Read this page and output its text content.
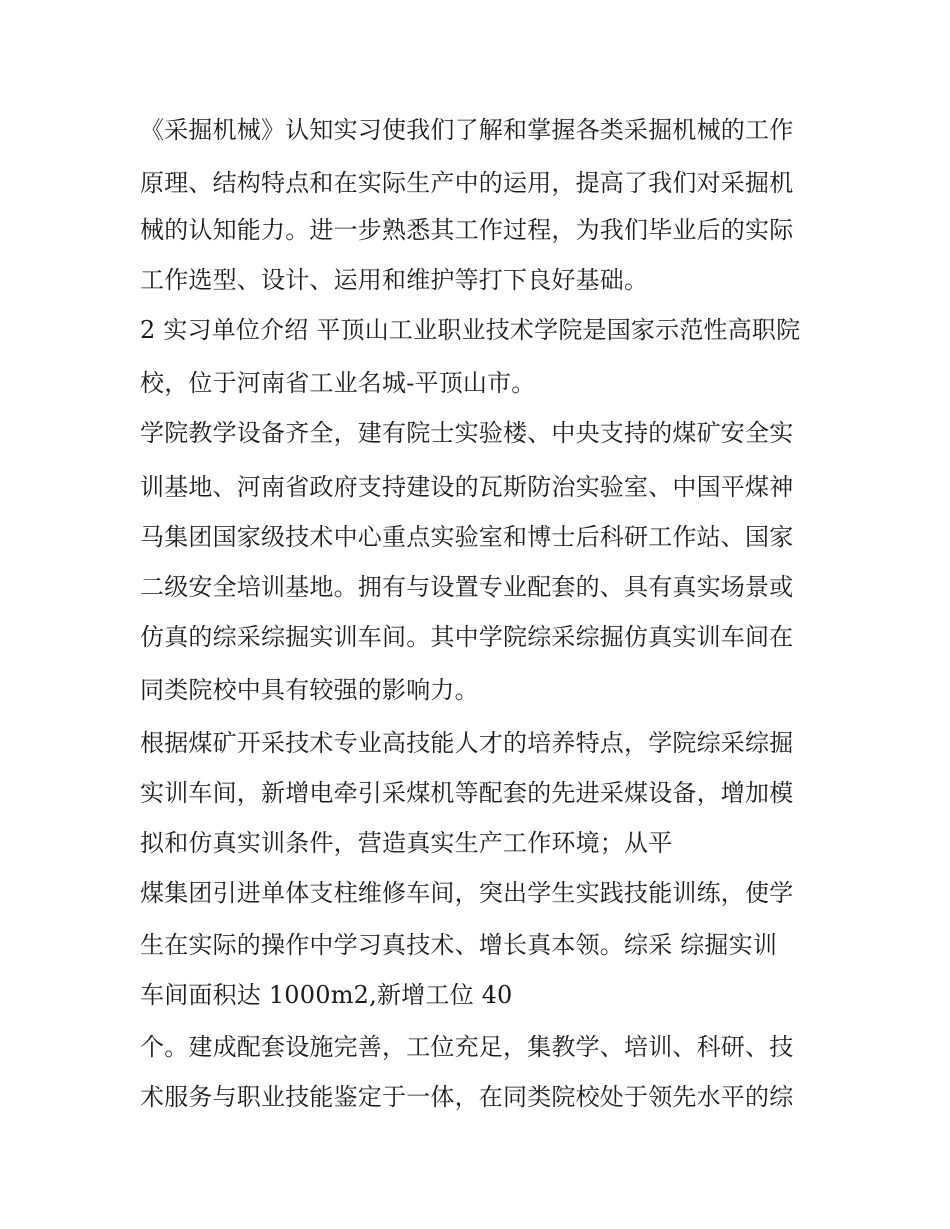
《采掘机械》认知实习使我们了解和掌握各类采掘机械的工作
原理、结构特点和在实际生产中的运用，提高了我们对采掘机
械的认知能力。进一步熟悉其工作过程，为我们毕业后的实际
工作选型、设计、运用和维护等打下良好基础。
2 实习单位介绍 平顶山工业职业技术学院是国家示范性高职院
校，位于河南省工业名城-平顶山市。
学院教学设备齐全，建有院士实验楼、中央支持的煤矿安全实
训基地、河南省政府支持建设的瓦斯防治实验室、中国平煤神
马集团国家级技术中心重点实验室和博士后科研工作站、国家
二级安全培训基地。拥有与设置专业配套的、具有真实场景或
仿真的综采综掘实训车间。其中学院综采综掘仿真实训车间在
同类院校中具有较强的影响力。
根据煤矿开采技术专业高技能人才的培养特点，学院综采综掘
实训车间，新增电牵引采煤机等配套的先进采煤设备，增加模
拟和仿真实训条件，营造真实生产工作环境；从平
煤集团引进单体支柱维修车间，突出学生实践技能训练，使学
生在实际的操作中学习真技术、增长真本领。综采 综掘实训
车间面积达 1000m2,新增工位 40
个。建成配套设施完善，工位充足，集教学、培训、科研、技
术服务与职业技能鉴定于一体，在同类院校处于领先水平的综
